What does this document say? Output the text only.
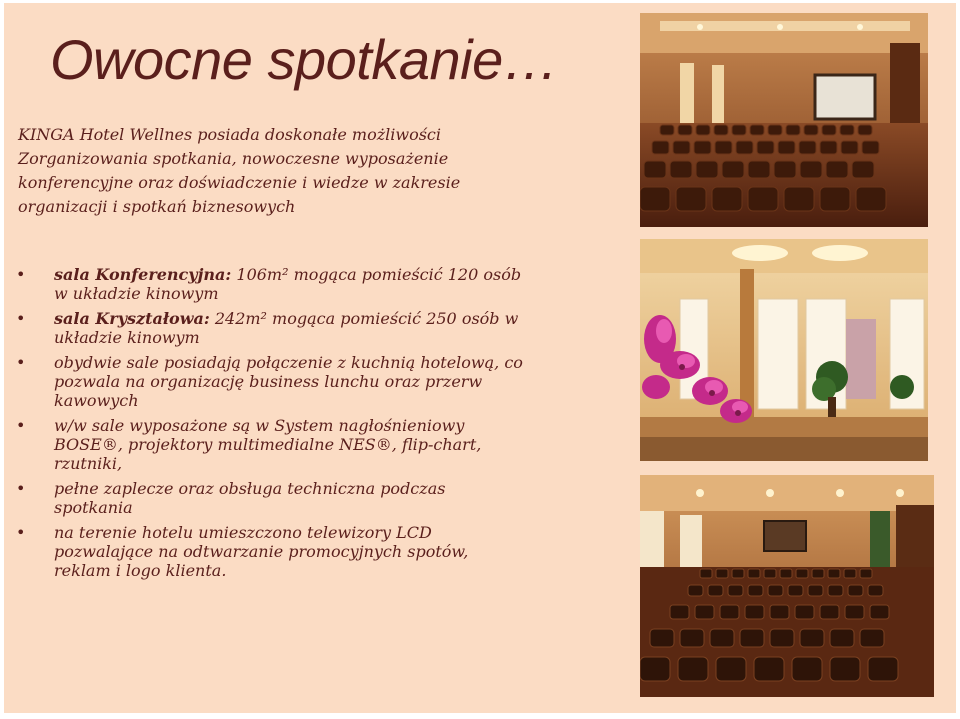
Owocne spotkanie…

KINGA Hotel Wellnes posiada doskonałe możliwości
Zorganizowania spotkania, nowoczesne wyposażenie
konferencyjne oraz doświadczenie i wiedze w zakresie
organizacji i spotkań biznesowych

• sala Konferencyjna: 106m² mogąca pomieścić 120 osób
w układzie kinowym
• sala Kryształowa: 242m² mogąca pomieścić 250 osób w
układzie kinowym
• obydwie sale posiadają połączenie z kuchnią hotelową, co
pozwala na organizację business lunchu oraz przerw
kawowych
• w/w sale wyposażone są w System nagłośnieniowy
BOSE®, projektory multimedialne NES®, flip-chart,
rzutniki,
• pełne zaplecze oraz obsługa techniczna podczas
spotkania
• na terenie hotelu umieszczono telewizory LCD
pozwalające na odtwarzanie promocyjnych spotów,
reklam i logo klienta.
